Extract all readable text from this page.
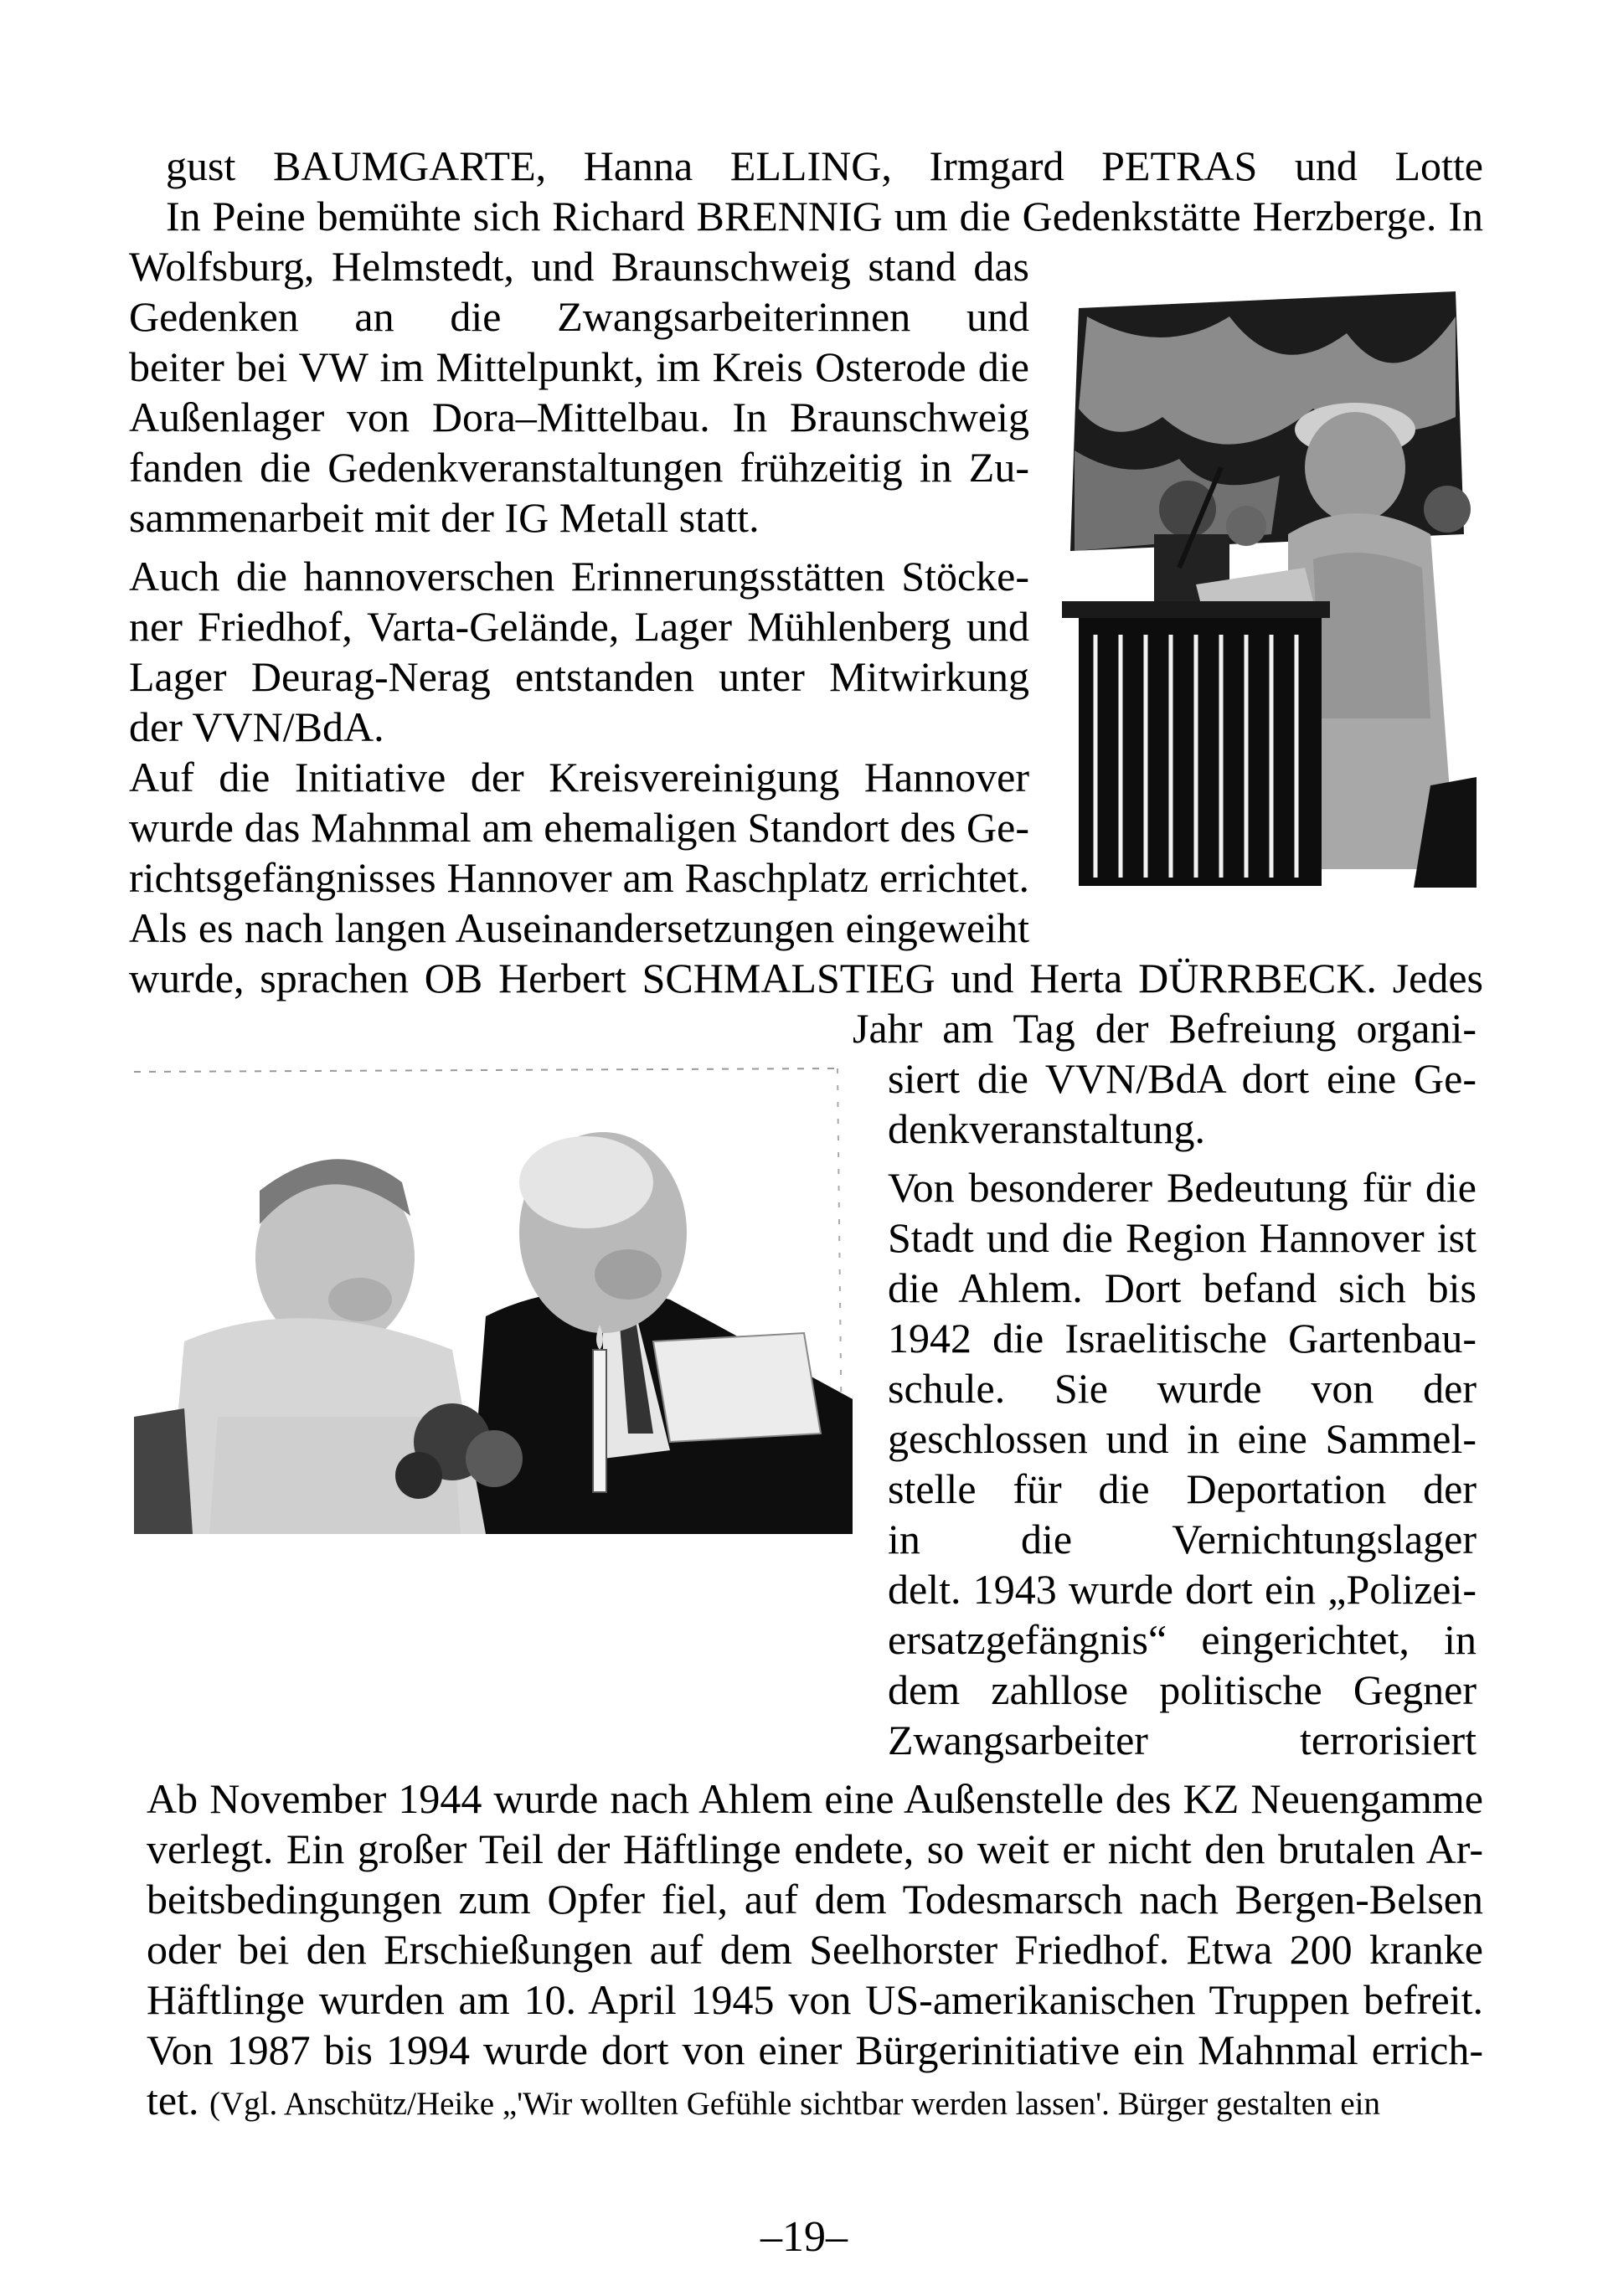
gust BAUMGARTE, Hanna ELLING, Irmgard PETRAS und Lotte
In Peine bemühte sich Richard BRENNIG um die Gedenkstätte Herzberge. In
Wolfsburg, Helmstedt, und Braunschweig stand das
Gedenken an die Zwangsarbeiterinnen und
beiter bei VW im Mittelpunkt, im Kreis Osterode die
Außenlager von Dora–Mittelbau. In Braunschweig
fanden die Gedenkveranstaltungen frühzeitig in Zu-
sammenarbeit mit der IG Metall statt.
Auch die hannoverschen Erinnerungsstätten Stöcke-
ner Friedhof, Varta-Gelände, Lager Mühlenberg und
Lager Deurag-Nerag entstanden unter Mitwirkung
der VVN/BdA.
Auf die Initiative der Kreisvereinigung Hannover
wurde das Mahnmal am ehemaligen Standort des Ge-
richtsgefängnisses Hannover am Raschplatz errichtet.
Als es nach langen Auseinandersetzungen eingeweiht
wurde, sprachen OB Herbert SCHMALSTIEG und Herta DÜRRBECK. Jedes
Jahr am Tag der Befreiung organi-
siert die VVN/BdA dort eine Ge-
denkveranstaltung.
Von besonderer Bedeutung für die
Stadt und die Region Hannover ist
die Ahlem. Dort befand sich bis
1942 die Israelitische Gartenbau-
schule. Sie wurde von der
geschlossen und in eine Sammel-
stelle für die Deportation der
in die Vernichtungslager
delt. 1943 wurde dort ein „Polizei-
ersatzgefängnis“ eingerichtet, in
dem zahllose politische Gegner
Zwangsarbeiter terrorisiert
Ab November 1944 wurde nach Ahlem eine Außenstelle des KZ Neuengamme
verlegt. Ein großer Teil der Häftlinge endete, so weit er nicht den brutalen Ar-
beitsbedingungen zum Opfer fiel, auf dem Todesmarsch nach Bergen-Belsen
oder bei den Erschießungen auf dem Seelhorster Friedhof. Etwa 200 kranke
Häftlinge wurden am 10. April 1945 von US-amerikanischen Truppen befreit.
Von 1987 bis 1994 wurde dort von einer Bürgerinitiative ein Mahnmal errich-
tet. (Vgl. Anschütz/Heike „'Wir wollten Gefühle sichtbar werden lassen'. Bürger gestalten ein
–19–
